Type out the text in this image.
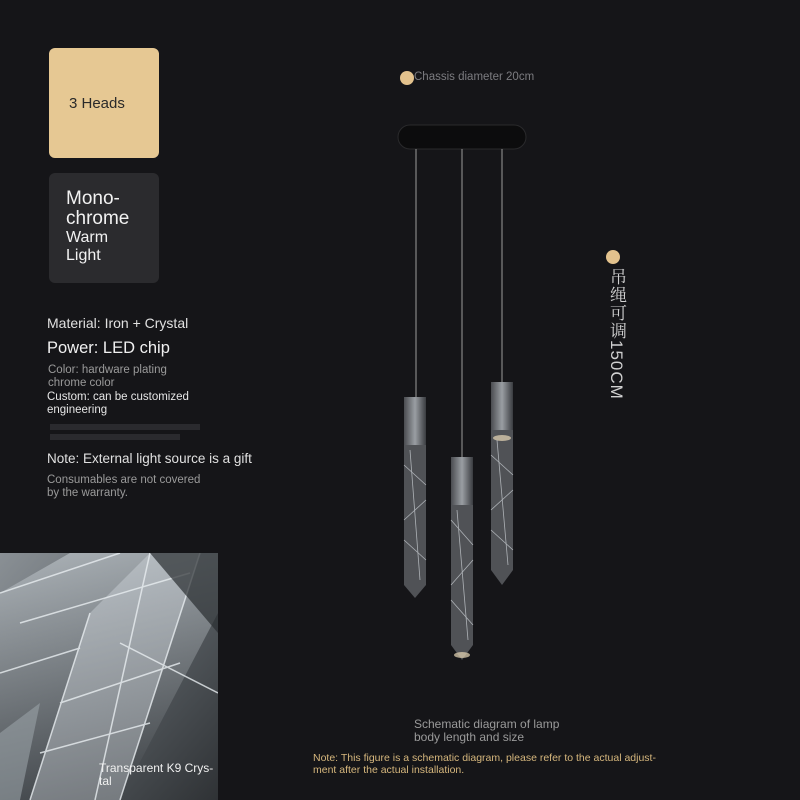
3 Heads
Mono-
chrome
Warm
Light
Material: Iron + Crystal
Power: LED chip
Color: hardware plating
chrome color
Custom: can be customized
engineering
Note: External light source is a gift
Consumables are not covered
by the warranty.
Transparent K9 Crys-
tal
Chassis diameter 20cm
吊绳可调150CM
Schematic diagram of lamp
body length and size
Note: This figure is a schematic diagram, please refer to the actual adjust-
ment after the actual installation.
